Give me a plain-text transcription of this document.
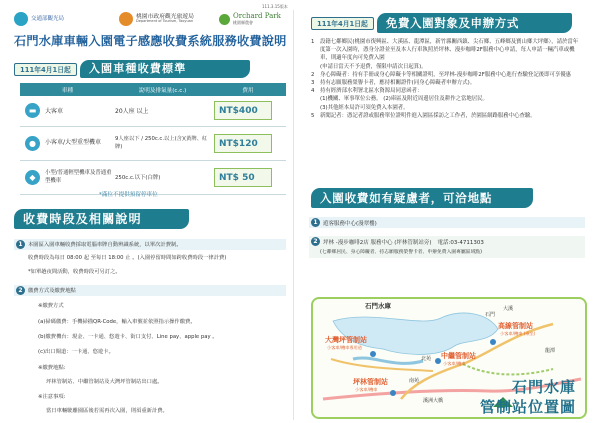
111.3.15版本
交通部觀光局	桃園市政府觀光旅遊局
Department of Tourism, Taoyuan
Orchard Park
桃園縣農會
石門水庫車輛入園電子感應收費系統服務收費說明
111年4月1日起	入園車種收費標準
車種	說明及排氣量(c.c.)	費用

▬ 大客車	20人座 以上	NT$400

● 小客車/大型重型機車	9人座以下 / 250c.c.以上(含)(黃牌、紅牌)	NT$120

◆ 小型/普通輕型機車及普通重型機車	250c.c.以下(白牌)	NT$ 50
*滿位不提供預留停車位
收費時段及相關說明
1 本園區入園車輛收費採取電腦車牌自動辨識系統，以單次計費制。
收費時段為每日 08:00 起 至每日 18:00 止 。(入園停留時間如跨收費時段一律計費)
*如單趟夜間活動，收費時段可另訂之。
2 繳費方式及繳費地點
※繳費方式
(a)掃碼繳費：手機掃描QR-Code，輸入車號並依照指示操作繳費。
(b)繳費機台：現金、一卡通、悠遊卡、街口支付、Line pay、apple pay 。
(c)出口閘道：一卡通、悠遊卡。
※繳費地點:
坪林管制站、中繼管制站及大灣坪管制站出口處。
※注意事項:
當日車輛駛離園區後若需再次入園，則須重新計費。
111年4月1日起	免費入園對象及申辦方式
1	設籍七鄰鄉民(桃園市復興區、大溪區、龍潭區，新竹縣關西鎮、尖石鄉、五峰鄉及寶山鄉大坪鄉），請於當年度第一次入園時，憑身分證並至及本人行車執照於坪林、漫步咖啡2F服務中心申請，每人申請一輛汽車或機車，則適年度內可免費入園
(申請日當天不予退費，僅限申請次日起算)。
2	身心障礙者：持有手冊或身心障礙卡等相關證明，至坪林-漫步咖啡2F服務中心進行查驗登記後即可享優惠
3	持有志願服務榮譽卡者，應持相關證件(同身心障礙者申辦方式)。
4	持有經濟部水利署北區水資源局同意函者：
(1)機關、軍事單位公務。 (2)庫區及附近周邊居住及耕作之當地居民。
(3)其他經本局許可須免費入本園者。
5	新聞記者：憑記者證或服務單位證明件進入園區採訪之工作者，於園區網路服務中心查驗。
入園收費如有疑慮者，可洽地點
1 遊客服務中心(漫翠樓)
2 坪林 -漫步咖啡2店 服務中心 (坪林管制站旁) 電話:03-4711303
(七鄰鄉居民、身心障礙者、持志願服務榮譽卡者、申辦免費入園專屬區域點)
石門水庫
大灣坪管制站
小客車/機車專用道
高線管制站
小客車/機車 (乘坐)
中繼管制站
小客車/機車
坪林管制站
小客車/機車
大溪
龍潭
石門
溪洲大橋
南苑
北苑
石門水庫
管制站位置圖
